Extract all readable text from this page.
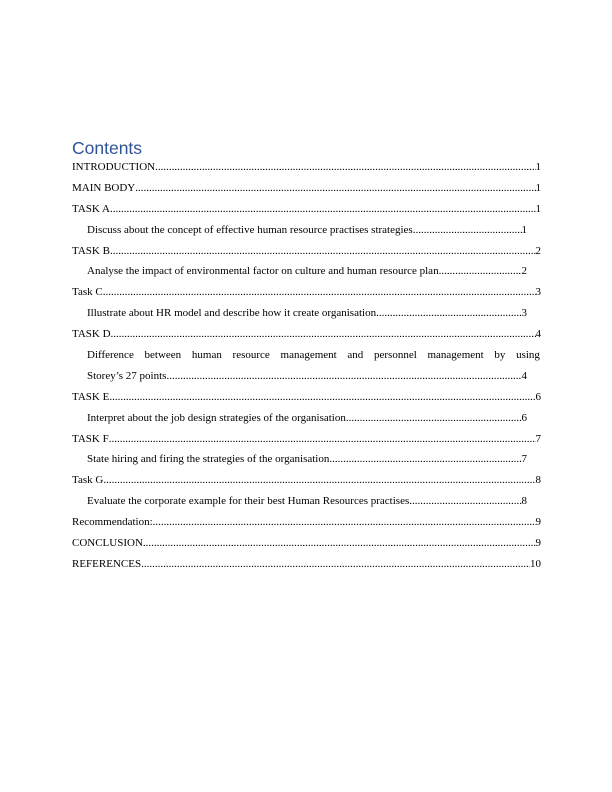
Contents
INTRODUCTION .....	1
MAIN BODY .....	1
TASK A .....	1
Discuss about the concept of effective human resource practises strategies .....	1
TASK B .....	2
Analyse the impact of environmental factor on culture and human resource plan .....	2
Task C .....	3
Illustrate about HR model and describe how it create organisation .....	3
TASK D .....	4
Difference between human resource management and personnel management by using
Storey’s 27 points .....	4
TASK E .....	6
Interpret about the job design strategies of the organisation .....	6
TASK F .....	7
State hiring and firing the strategies of the organisation .....	7
Task G .....	8
Evaluate the corporate example for their best Human Resources practises .....	8
Recommendation: .....	9
CONCLUSION .....	9
REFERENCES .....	10
